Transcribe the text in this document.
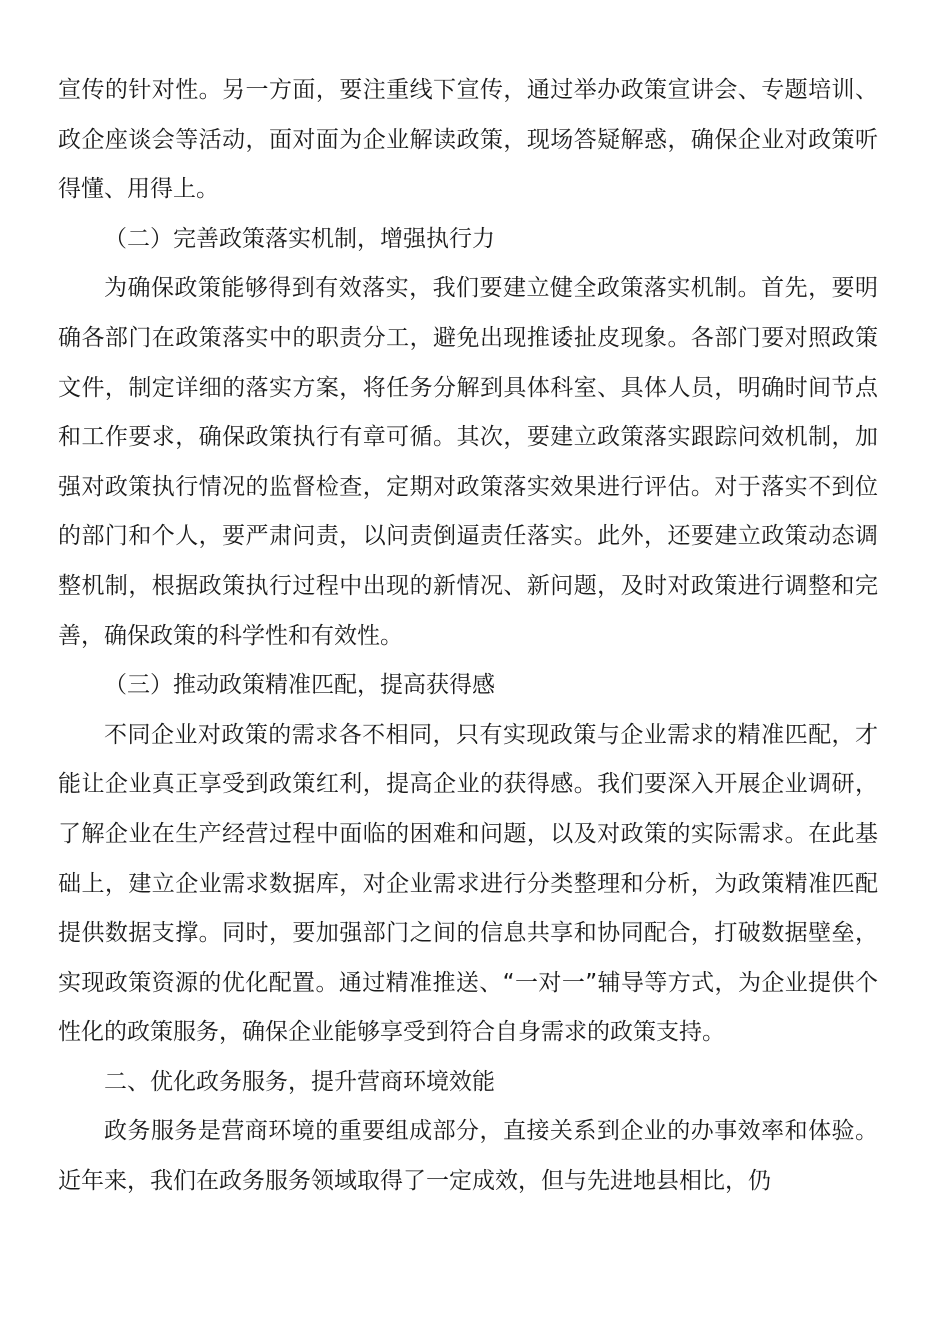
宣传的针对性。另一方面，要注重线下宣传，通过举办政策宣讲会、专题培训、政企座谈会等活动，面对面为企业解读政策，现场答疑解惑，确保企业对政策听得懂、用得上。

（二）完善政策落实机制，增强执行力

为确保政策能够得到有效落实，我们要建立健全政策落实机制。首先，要明确各部门在政策落实中的职责分工，避免出现推诿扯皮现象。各部门要对照政策文件，制定详细的落实方案，将任务分解到具体科室、具体人员，明确时间节点和工作要求，确保政策执行有章可循。其次，要建立政策落实跟踪问效机制，加强对政策执行情况的监督检查，定期对政策落实效果进行评估。对于落实不到位的部门和个人，要严肃问责，以问责倒逼责任落实。此外，还要建立政策动态调整机制，根据政策执行过程中出现的新情况、新问题，及时对政策进行调整和完善，确保政策的科学性和有效性。

（三）推动政策精准匹配，提高获得感

不同企业对政策的需求各不相同，只有实现政策与企业需求的精准匹配，才能让企业真正享受到政策红利，提高企业的获得感。我们要深入开展企业调研，了解企业在生产经营过程中面临的困难和问题，以及对政策的实际需求。在此基础上，建立企业需求数据库，对企业需求进行分类整理和分析，为政策精准匹配提供数据支撑。同时，要加强部门之间的信息共享和协同配合，打破数据壁垒，实现政策资源的优化配置。通过精准推送、“一对一”辅导等方式，为企业提供个性化的政策服务，确保企业能够享受到符合自身需求的政策支持。

二、优化政务服务，提升营商环境效能

政务服务是营商环境的重要组成部分，直接关系到企业的办事效率和体验。近年来，我们在政务服务领域取得了一定成效，但与先进地县相比，仍
